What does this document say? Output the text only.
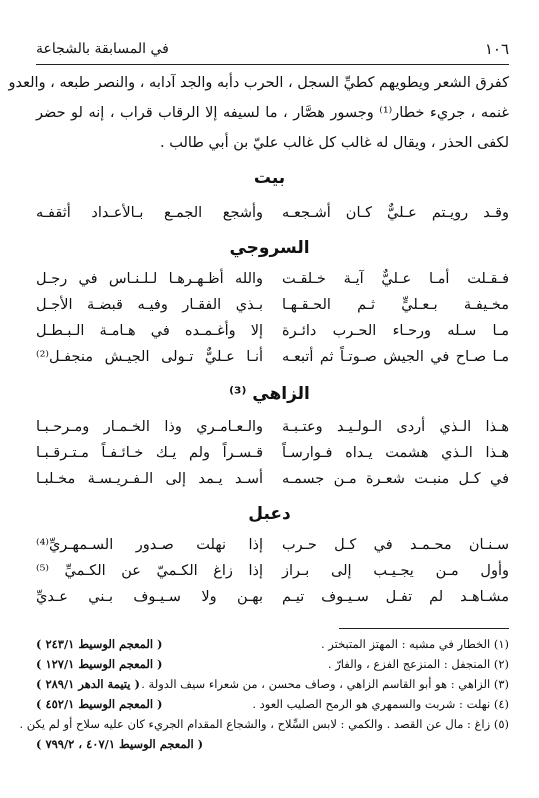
١٠٦
في المسابقة بالشجاعة
كفرق الشعر ويطويهم كطيِّ السجل ، الحرب دأبه والجد آدابه ، والنصر طبعه ، والعدو
غنمه ، جريء خطار⁽¹⁾ وجسور هصَّار ، ما لسيفه إلا الرقاب قراب ، إنه لو حضر
لكفى الحذر ، ويقال له غالب كل غالب عليّ بن أبي طالب .
بيت
وقـد رويـتم عـليٌّ كـان أشـجعـه
وأشجع الجمـع بـالأعـداد أثقفـه
السروجي
فـقـلت أمـا عـليٌّ آيـة خـلقـت
والله أظـهـرهـا لـلـنـاس في رجـل
مخـيفـة بـعـليٍّ ثـم الحـقـهـا
بـذي الفقـار وفيـه قبضـة الأجـل
مـا سـله ورحـاء الحـرب دائـرة
إلا وأغـمـده في هـامـة الـبـطـل
مـا صـاح في الجيش صـوتـاً ثم أتبعـه
أنـا عـليٌّ تـولى الجيـش منجفـل⁽²⁾
الزاهي ⁽³⁾
هـذا الـذي أردى الـولـيـد وعتـبـة
والـعـامـري وذا الخـمـار ومـرحـبـا
هـذا الـذي هشمت يـداه فـوارسـاً
قـسـراً ولم يـك خـائـفـاً مـتـرقـبـا
في كـل منبـت شعـرة مـن جسمـه
أسـد يـمد إلى الـفـريـسـة مخـلبـا
دعبل
سـنـان محـمـد في كـل حـرب
إذا نهلت صـدور السـمهـريِّ⁽⁴⁾
وأول مـن يجـيـب إلى بـراز
إذا زاغ الكـميّ عن الكـميِّ ⁽⁵⁾
مشـاهـد لم تفـل سـيـوف تيـم
بهـن ولا سـيـوف بـني عـديِّ
(١) الخطار في مشيه : المهتز المتبختر .
( المعجم الوسيط ٢٤٣/١ )
(٢) المنجفل : المنزعج الفزع ، والفارّ .
( المعجم الوسيط ١٢٧/١ )
(٣) الزاهي : هو أبو القاسم الزاهي ، وصاف محسن ، من شعراء سيف الدولة .
( يتيمة الدهر ٢٨٩/١ )
(٤) نهلت : شربت والسمهري هو الرمح الصليب العود .
( المعجم الوسيط ٤٥٢/١ )
(٥) زاغ : مال عن القصد . والكمي : لابس السِّلاح ، والشجاع المقدام الجريء كان عليه سلاح أو لم يكن .
( المعجم الوسيط ٤٠٧/١ ، ٧٩٩/٢ )
